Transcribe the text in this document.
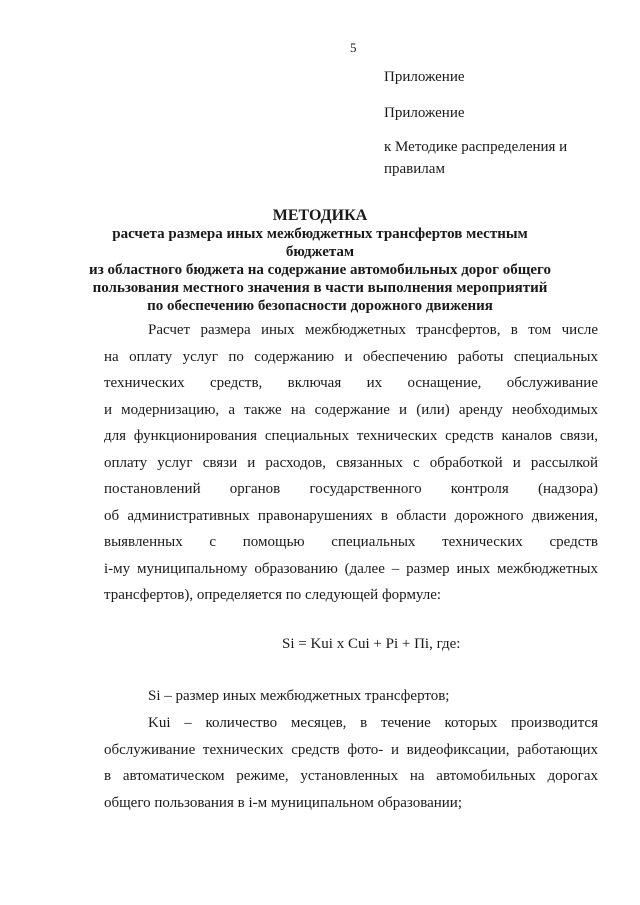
5
Приложение
Приложение
к Методике распределения и
правилам
МЕТОДИКА
расчета размера иных межбюджетных трансфертов местным бюджетам
из областного бюджета на содержание автомобильных дорог общего
пользования местного значения в части выполнения мероприятий
по обеспечению безопасности дорожного движения
Расчет размера иных межбюджетных трансфертов, в том числе
на оплату услуг по содержанию и обеспечению работы специальных
технических средств, включая их оснащение, обслуживание
и модернизацию, а также на содержание и (или) аренду необходимых
для функционирования специальных технических средств каналов связи,
оплату услуг связи и расходов, связанных с обработкой и рассылкой
постановлений органов государственного контроля (надзора)
об административных правонарушениях в области дорожного движения,
выявленных с помощью специальных технических средств
i-му муниципальному образованию (далее – размер иных межбюджетных
трансфертов), определяется по следующей формуле:
Si = Kui x Cui + Pi + Пi, где:
Si – размер иных межбюджетных трансфертов;
Kui – количество месяцев, в течение которых производится
обслуживание технических средств фото- и видеофиксации, работающих
в автоматическом режиме, установленных на автомобильных дорогах
общего пользования в i-м муниципальном образовании;
